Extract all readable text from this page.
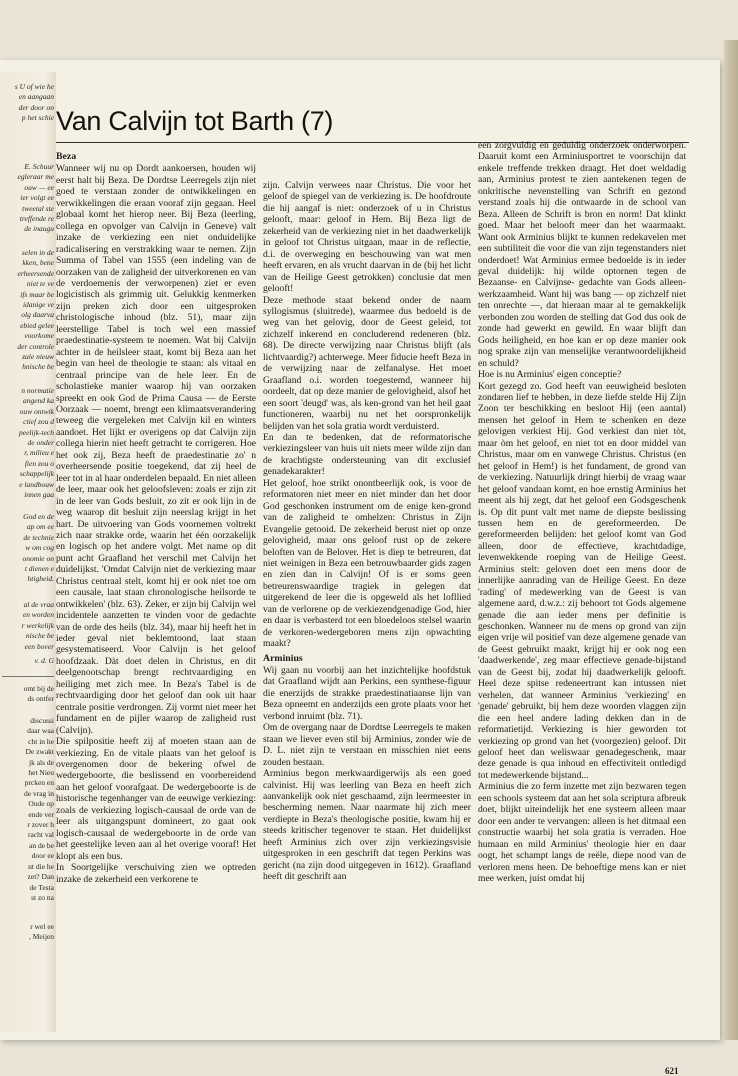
s U of wie he
en aangaan
der door on
p het schie
E. Schuur
egleraar me
ouw — ee
ier volgt ee
tweetal ste
treffende re
de inaugu
selen in de
kken, bene
erheersende
niet te ve
ifs maar be
idanige ve
olg daarva
ebied gelee
voorkome
der controle
zale nieuw
hnische be
n normatie
angend ka
ouw ontwik
ctief zou d
peelijk-tech
de onder
r, milieu e
fien zou o
schappelijk
e landbouw
innen gaa
God en de
ap om ee
de technie
w om cog
onomie on
t dienen e
htigheid.
al de vraa
en worden
r werkelijk
nische be
een bover
v. d. G
omt bij de
ds ontfer
discussi
daar waa
cht in he
De zwakt
jk als de
het Nieu
prcken en
de vrag in
Oude op
ende ver
r zover h
racht val
an de be
door ee
nt die he
zet? Dan
de Testa
st zo na
r wel ee
, Meijen
Van Calvijn tot Barth (7)
Beza

Wanneer wij nu op Dordt aankoersen, houden wij eerst halt bij Beza. De Dordtse Leerregels zijn niet goed te verstaan zonder de ontwikkelingen en verwikkelingen die eraan vooraf zijn gegaan. Heel globaal komt het hierop neer. Bij Beza (leerling, collega en opvolger van Calvijn in Geneve) valt inzake de verkiezing een niet onduidelijke radicalisering en verstrakking waar te nemen. Zijn Summa of Tabel van 1555 (een indeling van de oorzaken van de zaligheid der uitverkorenen en van de verdoemenis der verworpenen) ziet er even logicistisch als grimmig uit. Gelukkig kenmerken zijn preken zich door een uitgesproken christologische inhoud (blz. 51), maar zijn leerstellige Tabel is toch wel een massief praedestinatie-systeem te noemen. Wat bij Calvijn achter in de heilsleer staat, komt bij Beza aan het begin van heel de theologie te staan: als vitaal en centraal principe van de hele leer. En de scholastieke manier waarop hij van oorzaken spreekt en ook God de Prima Causa — de Eerste Oorzaak — noemt, brengt een klimaatsverandering teweeg die vergeleken met Calvijn kil en winters aandoet. Het lijkt er overigens op dat Calvijn zijn collega hierin niet heeft getracht te corrigeren. Hoe het ook zij, Beza heeft de praedestinatie zo' n overheersende positie toegekend, dat zij heel de leer tot in al haar onderdelen bepaald. En niet alleen de leer, maar ook het geloofsleven: zoals er zijn zit in de leer van Gods besluit, zo zit er ook lijn in de weg waarop dit besluit zijn neerslag krijgt in het hart. De uitvoering van Gods voornemen voltrekt zich naar strakke orde, waarin het één oorzakelijk en logisch op het andere volgt. Met name op dit punt acht Graafland het verschil met Calvijn het duidelijkst. 'Omdat Calvijn niet de verkiezing maar Christus centraal stelt, komt hij er ook niet toe om een causale, laat staan chronologische heilsorde te ontwikkelen' (blz. 63). Zeker, er zijn bij Calvijn wel incidentele aanzetten te vinden voor de gedachte van de orde des heils (blz. 34), maar hij heeft het in ieder geval niet beklemtoond, laat staan gesystematiseerd. Voor Calvijn is het geloof hoofdzaak. Dàt doet delen in Christus, en dit deelgenootschap brengt rechtvaardiging en heiliging met zich mee. In Beza's Tabel is de rechtvaardiging door het geloof dan ook uit haar centrale positie verdrongen. Zij vormt niet meer het fundament en de pijler waarop de zaligheid rust (Calvijn).

Die spilpositie heeft zij af moeten staan aan de verkiezing. En de vitale plaats van het geloof is overgenomen door de bekering ofwel de wedergeboorte, die beslissend en voorbereidend aan het geloof voorafgaat. De wedergeboorte is de historische tegenhanger van de eeuwige verkiezing: zoals de verkiezing logisch-causaal de orde van de leer als uitgangspunt domineert, zo gaat ook logisch-causaal de wedergeboorte in de orde van het geestelijke leven aan al het overige vooraf! Het klopt als een bus.

In Soortgelijke verschuiving zien we optreden inzake de zekerheid een verkorene te

zijn. Calvijn verwees naar Christus. Die voor het geloof de spiegel van de verkiezing is. De hoofdroute die hij aangaf is niet: onderzoek of u in Christus gelooft, maar: geloof in Hem. Bij Beza ligt de zekerheid van de verkiezing niet in het daadwerkelijk in geloof tot Christus uitgaan, maar in de reflectie, d.i. de overweging en beschouwing van wat men heeft ervaren, en als vrucht daarvan in de (bij het licht van de Heilige Geest getrokken) conclusie dat men gelooft!

Deze methode staat bekend onder de naam syllogismus (sluitrede), waarmee dus bedoeld is de weg van het gelovig, door de Geest geleid, tot zichzelf inkerend en concluderend redeneren (blz. 68). De directe verwijzing naar Christus blijft (als lichtvaardig?) achterwege. Meer fiducie heeft Beza in de verwijzing naar de zelfanalyse. Het moet Graafland o.i. worden toegestemd, wanneer hij oordeelt, dat op deze manier de gelovigheid, alsof het een soort 'deugd' was, als ken-grond van het heil gaat functioneren, waarbij nu net het oorspronkelijk belijden van het sola gratia wordt verduisterd.

En dan te bedenken, dat de reformatorische verkiezingsleer van huis uit niets meer wilde zijn dan de krachtigste ondersteuning van dit exclusief genadekarakter!

Het geloof, hoe strikt onontbeerlijk ook, is voor de reformatoren niet meer en niet minder dan het door God geschonken instrument om de enige ken-grond van de zaligheid te omhelzen: Christus in Zijn Evangelie getooid. De zekerheid berust niet op onze gelovigheid, maar ons geloof rust op de zekere beloften van de Belover. Het is diep te betreuren, dat niet weinigen in Beza een betrouwbaarder gids zagen en zien dan in Calvijn! Of is er soms geen betreurenswaardige tragiek in gelegen dat uitgerekend de leer die is opgeweld als het lofllied van de verlorene op de verkiezendgenadige God, hier en daar is verbasterd tot een bloedeloos stelsel waarin de verkoren-wedergeboren mens zijn opwachting maakt?

Arminius

Wij gaan nu voorbij aan het inzichtelijke hoofdstuk dat Graafland wijdt aan Perkins, een synthese-figuur die enerzijds de strakke praedestinatiaanse lijn van Beza opneemt en anderzijds een grote plaats voor het verbond inruimt (blz. 71).

Om de overgang naar de Dordtse Leerregels te maken staan we liever even stil bij Arminius, zonder wie de D. L. niet zijn te verstaan en misschien niet eens zouden bestaan.

Arminius begon merkwaardigerwijs als een goed calvinist. Hij was leerling van Beza en heeft zich aanvankelijk ook niet geschaamd, zijn leermeester in bescherming nemen. Naar naarmate hij zich meer verdiepte in Beza's theologische positie, kwam hij er steeds kritischer tegenover te staan. Het duidelijkst heeft Arminius zich over zijn verkiezingsvisie uitgesproken in een geschrift dat tegen Perkins was gericht (na zijn dood uitgegeven in 1612). Graafland heeft dit geschrift aan

een zorgvuldig en geduldig onderzoek onderworpen. Daaruit komt een Arminiusportret te voorschijn dat enkele treffende trekken draagt. Het doet weldadig aan, Arminius protest te zien aantekenen tegen de onkritische nevenstelling van Schrift en gezond verstand zoals hij die ontwaarde in de school van Beza. Alleen de Schrift is bron en norm! Dat klinkt goed. Maar het belooft meer dan het waarmaakt. Want ook Arminius blijkt te kunnen redekavelen met een subtiliteit die voor die van zijn tegenstanders niet onderdoet! Wat Arminius ermee bedoelde is in ieder geval duidelijk: hij wilde optornen tegen de Bezaanse- en Calvijnse- gedachte van Gods alleen-werkzaamheid. Want hij was bang — op zichzelf niet ten onrechte —, dat hieraan maar al te gemakkelijk verbonden zou worden de stelling dat God dus ook de zonde had gewerkt en gewild. En waar blijft dan Gods heiligheid, en hoe kan er op deze manier ook nog sprake zijn van menselijke verantwoordelijkheid en schuld?

Hoe is nu Arminius' eigen conceptie?

Kort gezegd zo. God heeft van eeuwigheid besloten zondaren lief te hebben, in deze liefde stelde Hij Zijn Zoon ter beschikking en besloot Hij (een aantal) mensen het geloof in Hem te schenken en deze gelovigen verkiest Hij. God verkiest dan niet tòt, maar òm het geloof, en niet tot en door middel van Christus, maar om en vanwege Christus. Christus (en het geloof in Hem!) is het fundament, de grond van de verkiezing. Natuurlijk dringt hierbij de vraag waar het geloof vandaan komt, en hoe ernstig Arminius het meent als hij zegt, dat het geloof een Godsgeschenk is. Op dit punt valt met name de diepste beslissing tussen hem en de gereformeerden. De gereformeerden belijden: het geloof komt van God alleen, door de effectieve, krachtdadige, levenwekkende roeping van de Heilige Geest. Arminius stelt: geloven doet een mens door de innerlijke aanrading van de Heilige Geest. En deze 'rading' of medewerking van de Geest is van algemene aard, d.w.z.: zij behoort tot Gods algemene genade die aan ieder mens per definitie is geschonken. Wanneer nu de mens op grond van zijn eigen vrije wil positief van deze algemene genade van de Geest gebruikt maakt, krijgt hij er ook nog een 'daadwerkende', zeg maar effectieve genade-bijstand van de Geest bij, zodat hij daadwerkelijk gelooft. Heel deze spitse redeneertrant kan intussen niet verhelen, dat wanneer Arminius 'verkiezing' en 'genade' gebruikt, bij hem deze woorden vlaggen zijn die een heel andere lading dekken dan in de reformatietijd. Verkiezing is hier geworden tot verkiezing op grond van het (voorgezien) geloof. Dit geloof heet dan weliswaar genadegeschenk, maar deze genade is qua inhoud en effectiviteit ontledigd tot medewerkende bijstand...

Arminius die zo ferm inzette met zijn bezwaren tegen een schools systeem dat aan het sola scriptura afbreuk doet, blijkt uiteindelijk het ene systeem alleen maar door een ander te vervangen: alleen is het ditmaal een constructie waarbij het sola gratia is verraden. Hoe humaan en mild Arminius' theologie hier en daar oogt, het schampt langs de reële, diepe nood van de verloren mens heen. De behoeftige mens kan er niet mee werken, juist omdat hij

621
